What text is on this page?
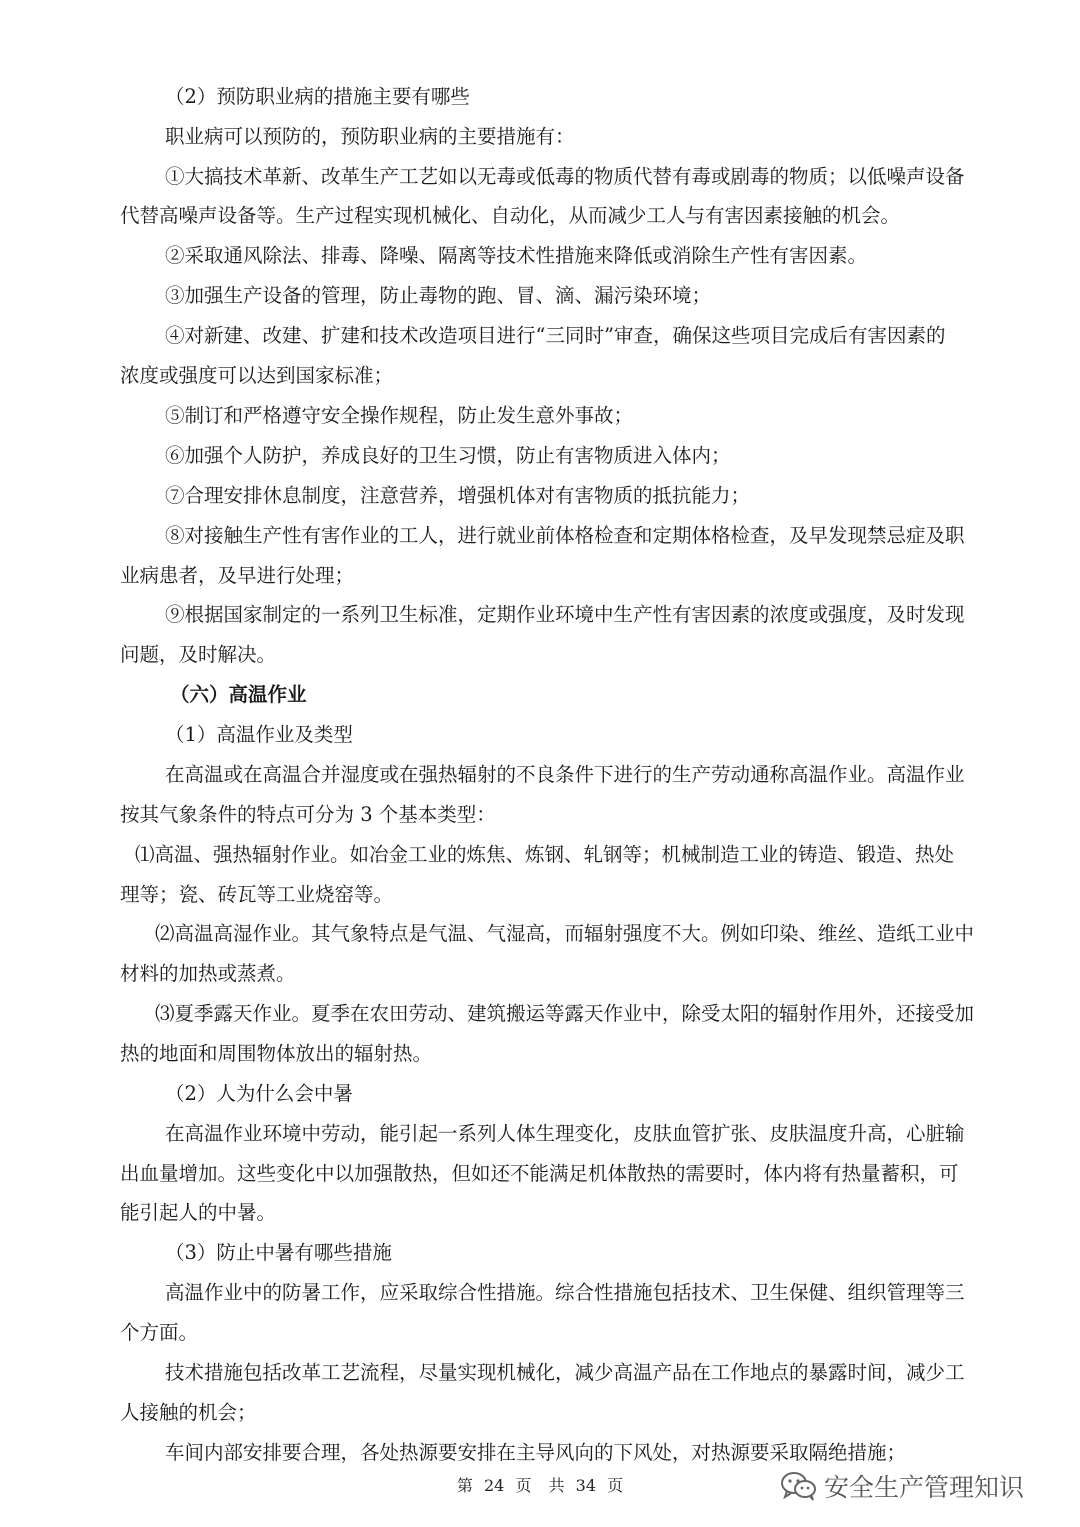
（2）预防职业病的措施主要有哪些
职业病可以预防的，预防职业病的主要措施有：
①大搞技术革新、改革生产工艺如以无毒或低毒的物质代替有毒或剧毒的物质；以低噪声设备
代替高噪声设备等。生产过程实现机械化、自动化，从而减少工人与有害因素接触的机会。
②采取通风除法、排毒、降噪、隔离等技术性措施来降低或消除生产性有害因素。
③加强生产设备的管理，防止毒物的跑、冒、滴、漏污染环境；
④对新建、改建、扩建和技术改造项目进行“三同时”审查，确保这些项目完成后有害因素的
浓度或强度可以达到国家标准；
⑤制订和严格遵守安全操作规程，防止发生意外事故；
⑥加强个人防护，养成良好的卫生习惯，防止有害物质进入体内；
⑦合理安排休息制度，注意营养，增强机体对有害物质的抵抗能力；
⑧对接触生产性有害作业的工人，进行就业前体格检查和定期体格检查，及早发现禁忌症及职
业病患者，及早进行处理；
⑨根据国家制定的一系列卫生标准，定期作业环境中生产性有害因素的浓度或强度，及时发现
问题，及时解决。
（六）高温作业
（1）高温作业及类型
在高温或在高温合并湿度或在强热辐射的不良条件下进行的生产劳动通称高温作业。高温作业
按其气象条件的特点可分为 3 个基本类型：
⑴高温、强热辐射作业。如冶金工业的炼焦、炼钢、轧钢等；机械制造工业的铸造、锻造、热处
理等；瓷、砖瓦等工业烧窑等。
⑵高温高湿作业。其气象特点是气温、气湿高，而辐射强度不大。例如印染、维丝、造纸工业中
材料的加热或蒸煮。
⑶夏季露天作业。夏季在农田劳动、建筑搬运等露天作业中，除受太阳的辐射作用外，还接受加
热的地面和周围物体放出的辐射热。
（2）人为什么会中暑
在高温作业环境中劳动，能引起一系列人体生理变化，皮肤血管扩张、皮肤温度升高，心脏输
出血量增加。这些变化中以加强散热，但如还不能满足机体散热的需要时，体内将有热量蓄积，可
能引起人的中暑。
（3）防止中暑有哪些措施
高温作业中的防暑工作，应采取综合性措施。综合性措施包括技术、卫生保健、组织管理等三
个方面。
技术措施包括改革工艺流程，尽量实现机械化，减少高温产品在工作地点的暴露时间，减少工
人接触的机会；
车间内部安排要合理，各处热源要安排在主导风向的下风处，对热源要采取隔绝措施；
第 24 页 共 34 页	安全生产管理知识
